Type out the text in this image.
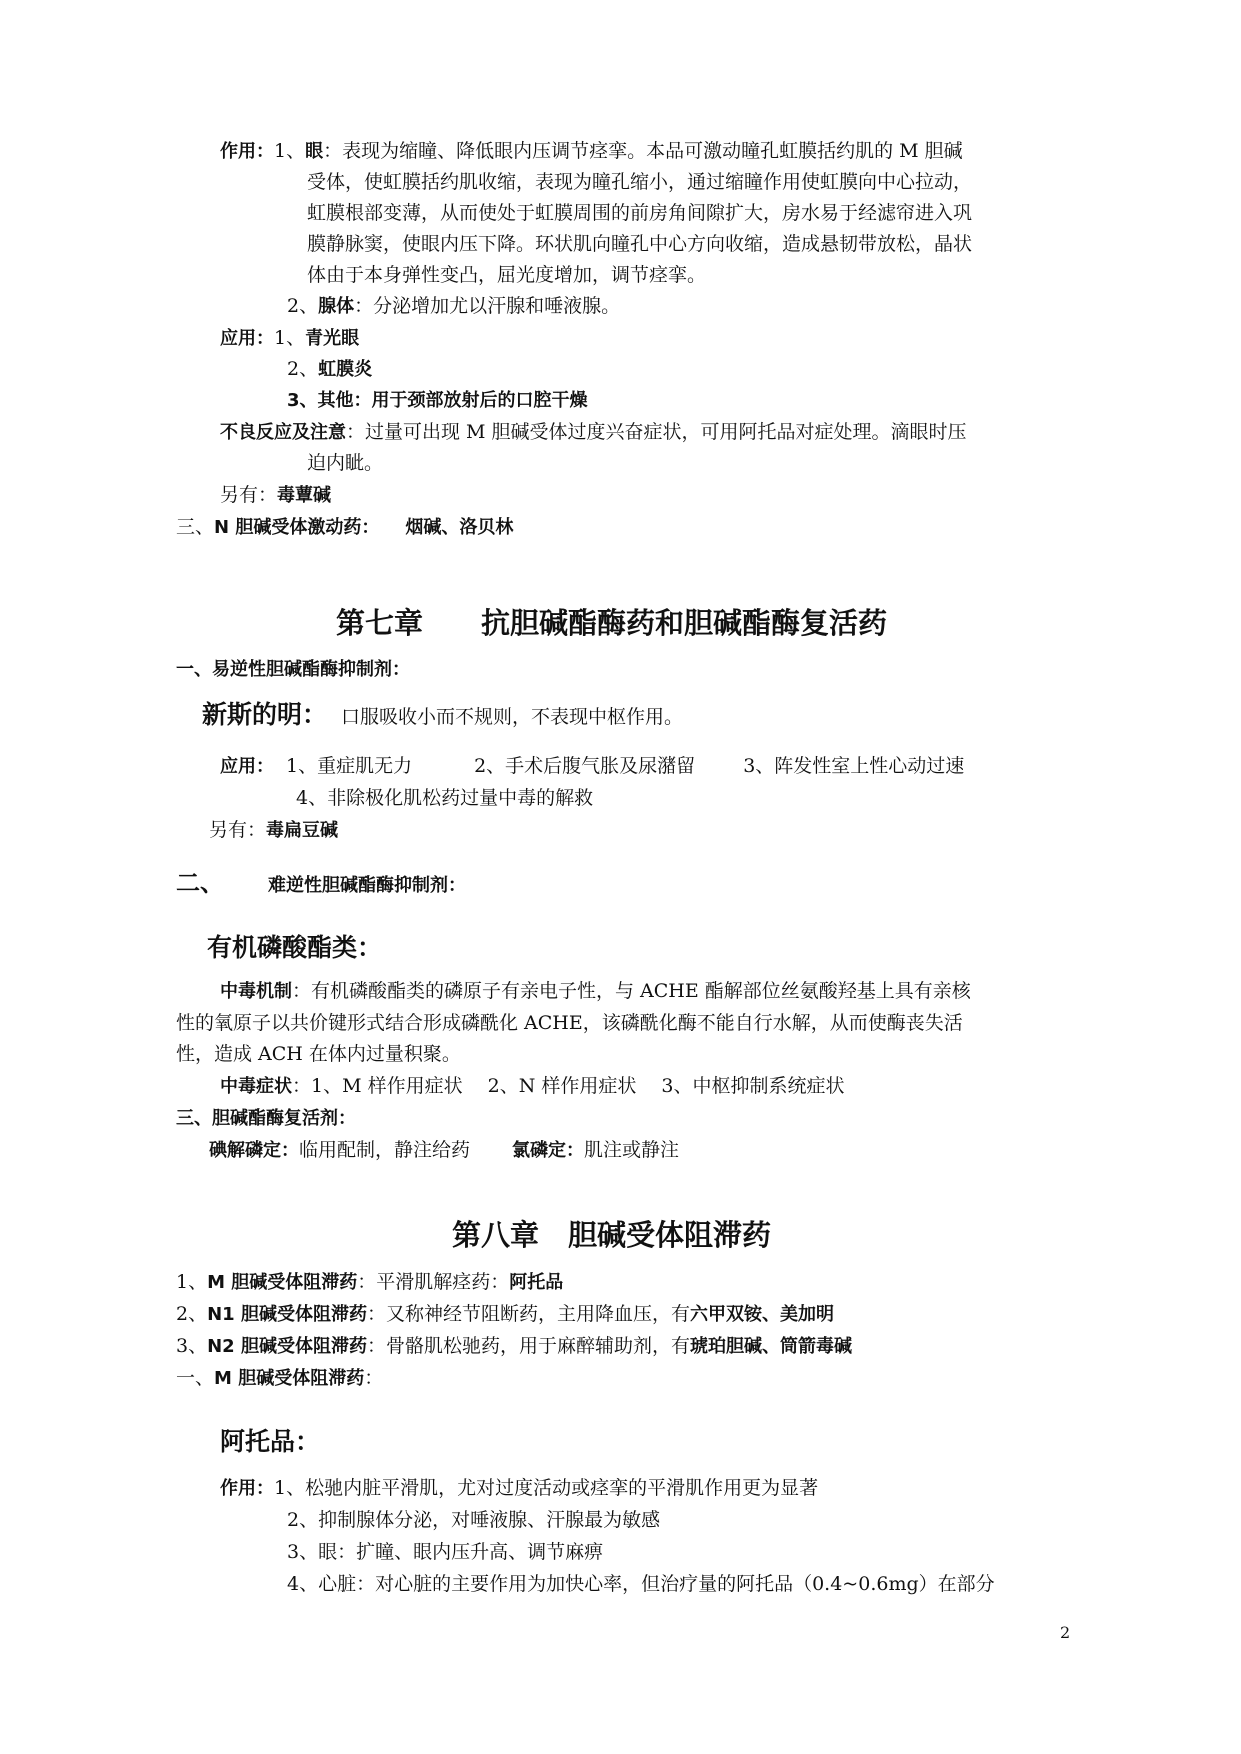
作用：1、眼：表现为缩瞳、降低眼内压调节痉挛。本品可激动瞳孔虹膜括约肌的 M 胆碱
受体，使虹膜括约肌收缩，表现为瞳孔缩小，通过缩瞳作用使虹膜向中心拉动，
虹膜根部变薄，从而使处于虹膜周围的前房角间隙扩大，房水易于经滤帘进入巩
膜静脉窦，使眼内压下降。环状肌向瞳孔中心方向收缩，造成悬韧带放松，晶状
体由于本身弹性变凸，屈光度增加，调节痉挛。
2、腺体：分泌增加尤以汗腺和唾液腺。
应用：1、青光眼
2、虹膜炎
3、其他：用于颈部放射后的口腔干燥
不良反应及注意：过量可出现 M 胆碱受体过度兴奋症状，可用阿托品对症处理。滴眼时压
迫内眦。
另有：毒蕈碱
三、N 胆碱受体激动药： 烟碱、洛贝林
第七章　　抗胆碱酯酶药和胆碱酯酶复活药
一、易逆性胆碱酯酶抑制剂：
新斯的明： 口服吸收小而不规则，不表现中枢作用。
应用： 1、重症肌无力	2、手术后腹气胀及尿潴留	3、阵发性室上性心动过速
4、非除极化肌松药过量中毒的解救
另有：毒扁豆碱
二、 难逆性胆碱酯酶抑制剂：
有机磷酸酯类：
中毒机制：有机磷酸酯类的磷原子有亲电子性，与 ACHE 酯解部位丝氨酸羟基上具有亲核
性的氧原子以共价键形式结合形成磷酰化 ACHE，该磷酰化酶不能自行水解，从而使酶丧失活
性，造成 ACH 在体内过量积聚。
中毒症状：1、M 样作用症状　 2、N 样作用症状　 3、中枢抑制系统症状
三、胆碱酯酶复活剂：
碘解磷定：临用配制，静注给药 氯磷定：肌注或静注
第八章　胆碱受体阻滞药
1、M 胆碱受体阻滞药：平滑肌解痉药：阿托品
2、N1 胆碱受体阻滞药：又称神经节阻断药，主用降血压，有六甲双铵、美加明
3、N2 胆碱受体阻滞药：骨骼肌松驰药，用于麻醉辅助剂，有琥珀胆碱、筒箭毒碱
一、M 胆碱受体阻滞药：
阿托品：
作用：1、松驰内脏平滑肌，尤对过度活动或痉挛的平滑肌作用更为显著
2、抑制腺体分泌，对唾液腺、汗腺最为敏感
3、眼：扩瞳、眼内压升高、调节麻痹
4、心脏：对心脏的主要作用为加快心率，但治疗量的阿托品（0.4~0.6mg）在部分
2
